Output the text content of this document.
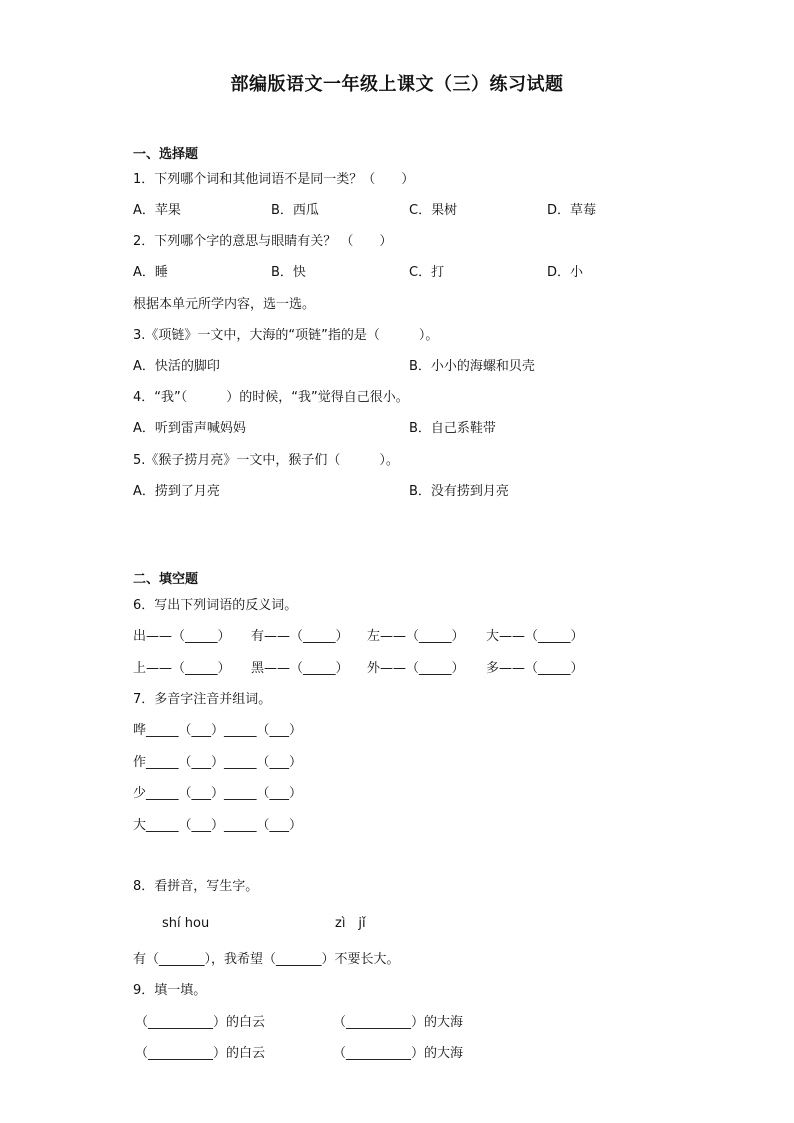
部编版语文一年级上课文（三）练习试题
一、选择题
1．下列哪个词和其他词语不是同一类？（　　）
A．苹果	B．西瓜	C．果树	D．草莓
2．下列哪个字的意思与眼睛有关？ （　　）
A．睡	B．快	C．打	D．小
根据本单元所学内容，选一选。
3.《项链》一文中，大海的“项链”指的是（　　　）。
A．快活的脚印	B．小小的海螺和贝壳
4．“我”（　　　）的时候，“我”觉得自己很小。
A．听到雷声喊妈妈	B．自己系鞋带
5.《猴子捞月亮》一文中，猴子们（　　　）。
A．捞到了月亮	B．没有捞到月亮
二、填空题
6．写出下列词语的反义词。
出——（_____） 有——（_____） 左——（_____） 大——（_____）
上——（_____） 黑——（_____） 外——（_____） 多——（_____）
7．多音字注音并组词。
哗_____（___）_____（___）
作_____（___）_____（___）
少_____（___）_____（___）
大_____（___）_____（___）
8．看拼音，写生字。
shí hou	zì　jǐ
有（_______），我希望（_______）不要长大。
9．填一填。
（__________）的白云	（__________）的大海
（__________）的白云	（__________）的大海
